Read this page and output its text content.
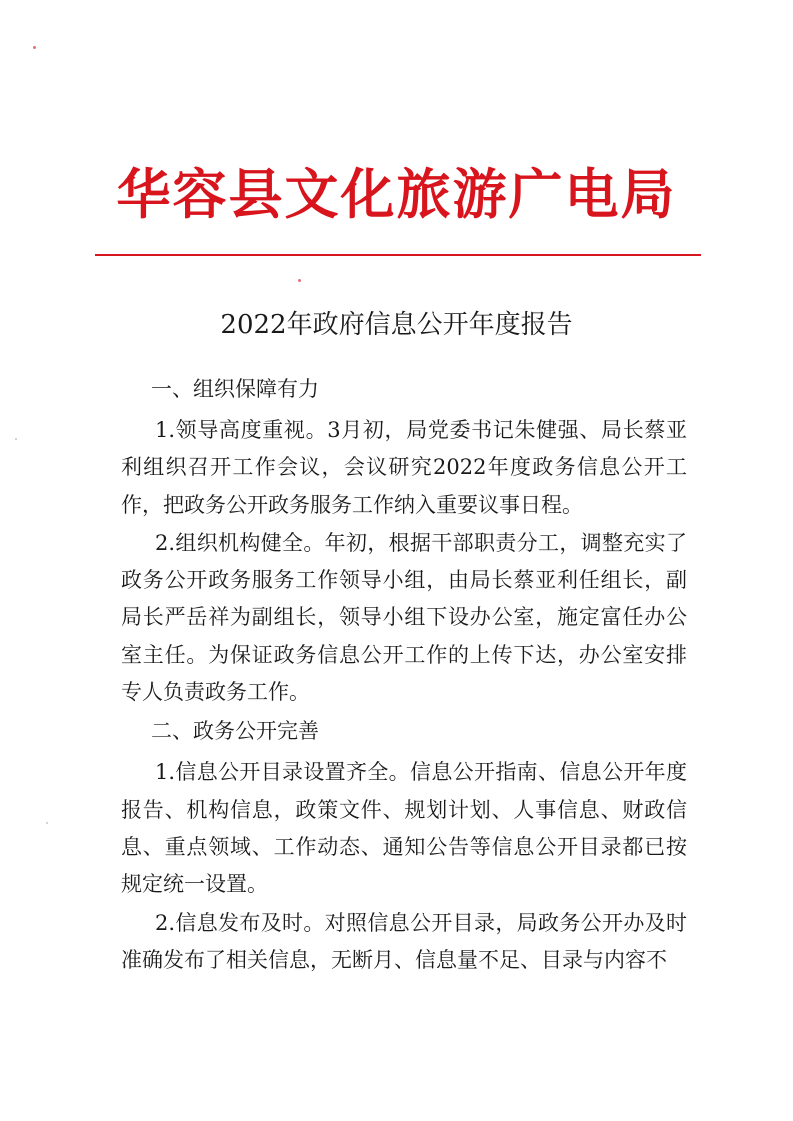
华容县文化旅游广电局
2022年政府信息公开年度报告
一、组织保障有力

1.领导高度重视。3月初，局党委书记朱健强、局长蔡亚利组织召开工作会议，会议研究2022年度政务信息公开工作，把政务公开政务服务工作纳入重要议事日程。

2.组织机构健全。年初，根据干部职责分工，调整充实了政务公开政务服务工作领导小组，由局长蔡亚利任组长，副局长严岳祥为副组长，领导小组下设办公室，施定富任办公室主任。为保证政务信息公开工作的上传下达，办公室安排专人负责政务工作。

二、政务公开完善

1.信息公开目录设置齐全。信息公开指南、信息公开年度报告、机构信息，政策文件、规划计划、人事信息、财政信息、重点领域、工作动态、通知公告等信息公开目录都已按规定统一设置。

2.信息发布及时。对照信息公开目录，局政务公开办及时准确发布了相关信息，无断月、信息量不足、目录与内容不
